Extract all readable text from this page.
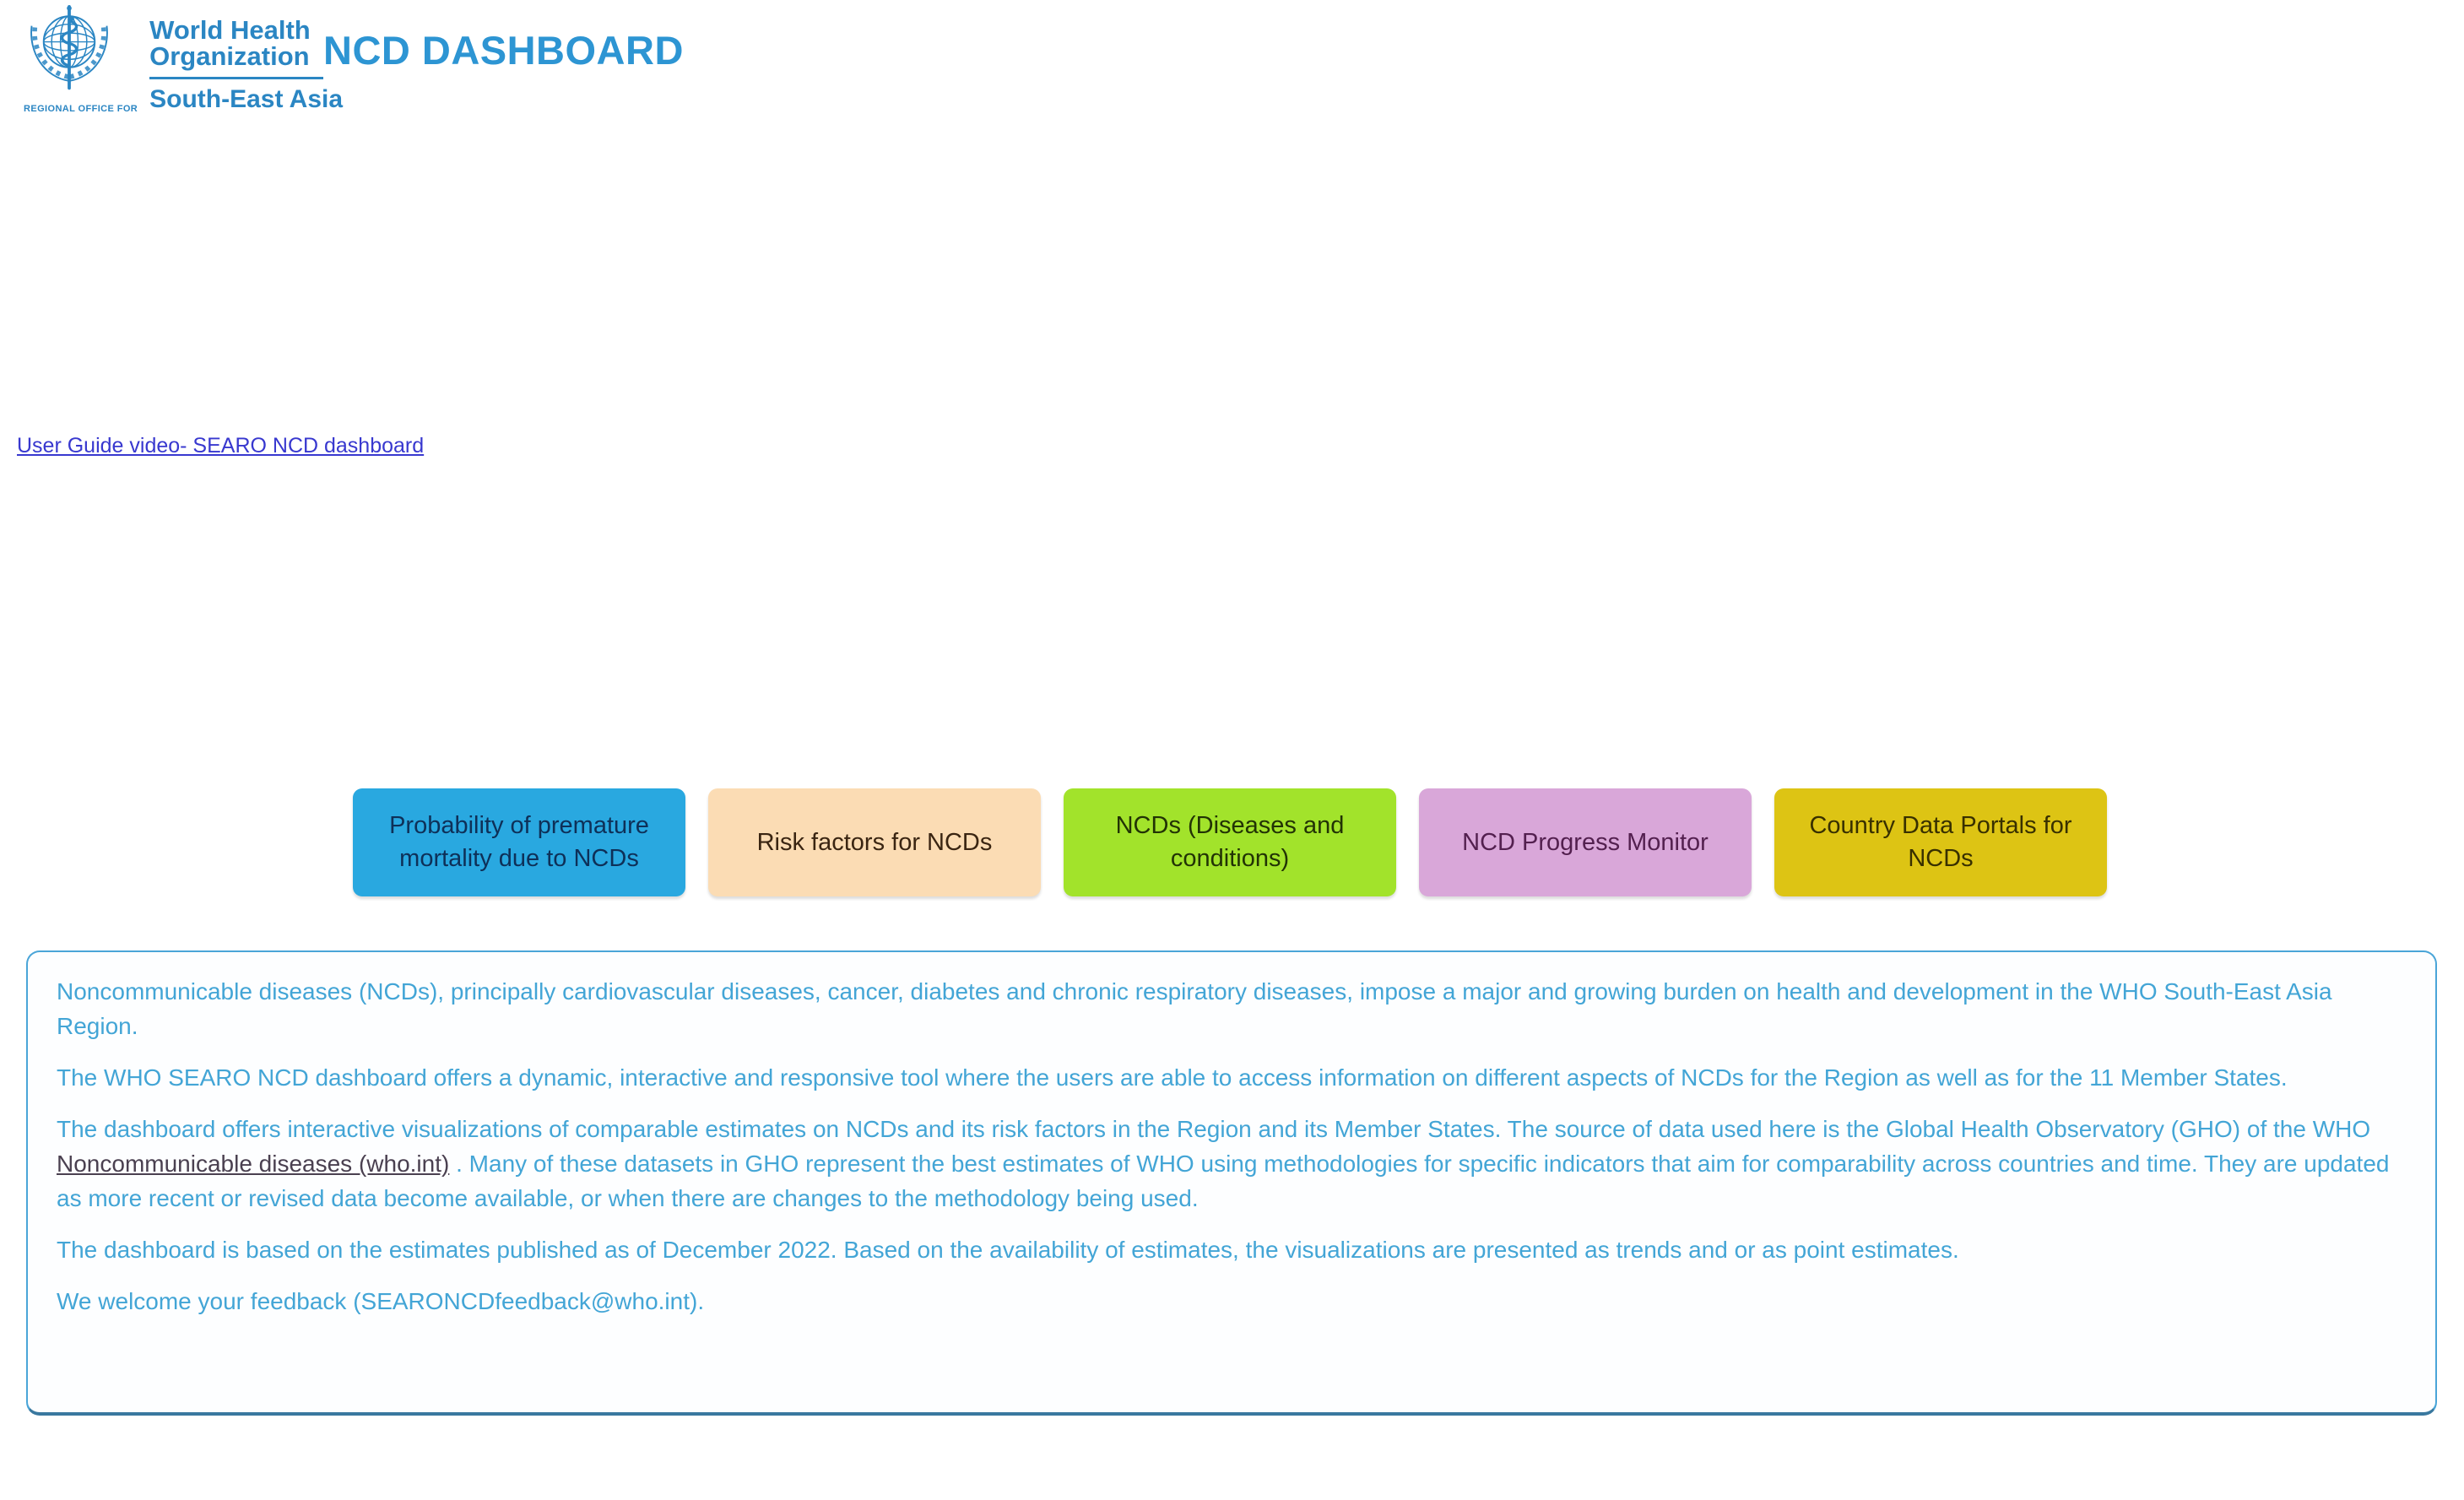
REGIONAL OFFICE FOR
World Health
Organization
South-East Asia
NCD DASHBOARD
User Guide video- SEARO NCD dashboard
Probability of premature mortality due to NCDs
Risk factors for NCDs
NCDs (Diseases and conditions)
NCD Progress Monitor
Country Data Portals for NCDs

Noncommunicable diseases (NCDs), principally cardiovascular diseases, cancer, diabetes and chronic respiratory diseases, impose a major and growing burden on health and development in the WHO South-East Asia Region.

The WHO SEARO NCD dashboard offers a dynamic, interactive and responsive tool where the users are able to access information on different aspects of NCDs for the Region as well as for the 11 Member States.

The dashboard offers interactive visualizations of comparable estimates on NCDs and its risk factors in the Region and its Member States. The source of data used here is the Global Health Observatory (GHO) of the WHO Noncommunicable diseases (who.int) . Many of these datasets in GHO represent the best estimates of WHO using methodologies for specific indicators that aim for comparability across countries and time. They are updated as more recent or revised data become available, or when there are changes to the methodology being used.

The dashboard is based on the estimates published as of December 2022. Based on the availability of estimates, the visualizations are presented as trends and or as point estimates.

We welcome your feedback (SEARONCDfeedback@who.int).
